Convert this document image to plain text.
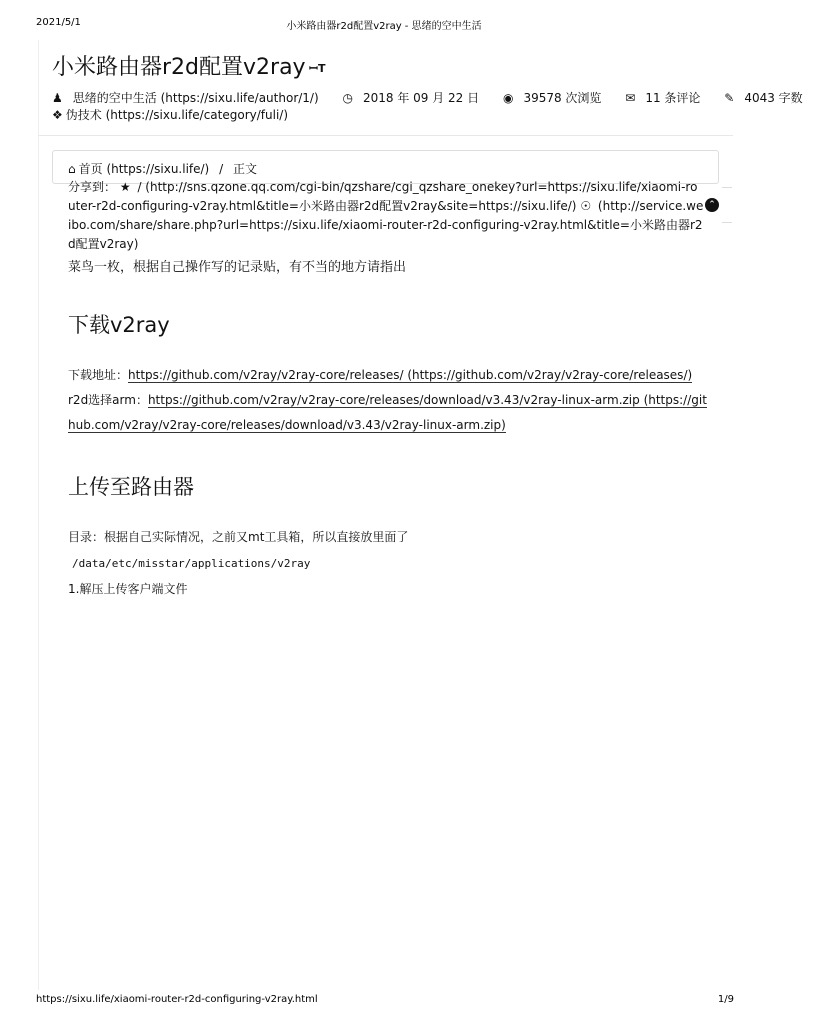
2021/5/1	小米路由器r2d配置v2ray - 思绪的空中生活
小米路由器r2d配置v2ray ꟷT
♟ 思绪的空中生活 (https://sixu.life/author/1/) ◷ 2018 年 09 月 22 日 ◉ 39578 次浏览 ✉ 11 条评论 ✎ 4043 字数
❖ 伪技术 (https://sixu.life/category/fuli/)
⌂ 首页 (https://sixu.life/) / 正文
分享到： ★ / (http://sns.qzone.qq.com/cgi-bin/qzshare/cgi_qzshare_onekey?url=https://sixu.life/xiaomi-router-r2d-configuring-v2ray.html&title=小米路由器r2d配置v2ray&site=https://sixu.life/) ☉ (http://service.weibo.com/share/share.php?url=https://sixu.life/xiaomi-router-r2d-configuring-v2ray.html&title=小米路由器r2d配置v2ray)
⌃
菜鸟一枚，根据自己操作写的记录贴，有不当的地方请指出
下载v2ray
下载地址：https://github.com/v2ray/v2ray-core/releases/ (https://github.com/v2ray/v2ray-core/releases/)
r2d选择arm：https://github.com/v2ray/v2ray-core/releases/download/v3.43/v2ray-linux-arm.zip (https://github.com/v2ray/v2ray-core/releases/download/v3.43/v2ray-linux-arm.zip)
上传至路由器
目录：根据自己实际情况，之前又mt工具箱，所以直接放里面了
/data/etc/misstar/applications/v2ray
1.解压上传客户端文件
https://sixu.life/xiaomi-router-r2d-configuring-v2ray.html	1/9
